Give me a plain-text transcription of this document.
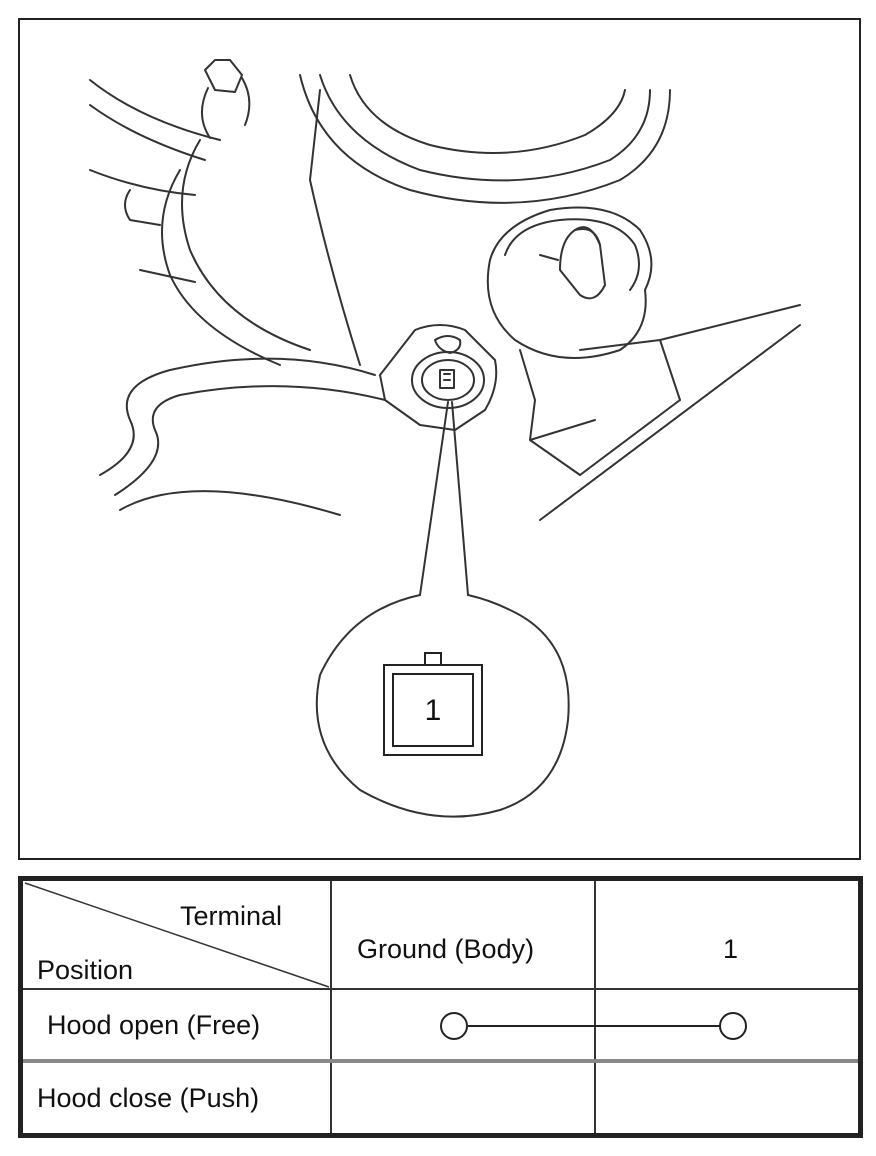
1
Terminal
Position
Ground (Body)	1
Hood open (Free)
Hood close (Push)
